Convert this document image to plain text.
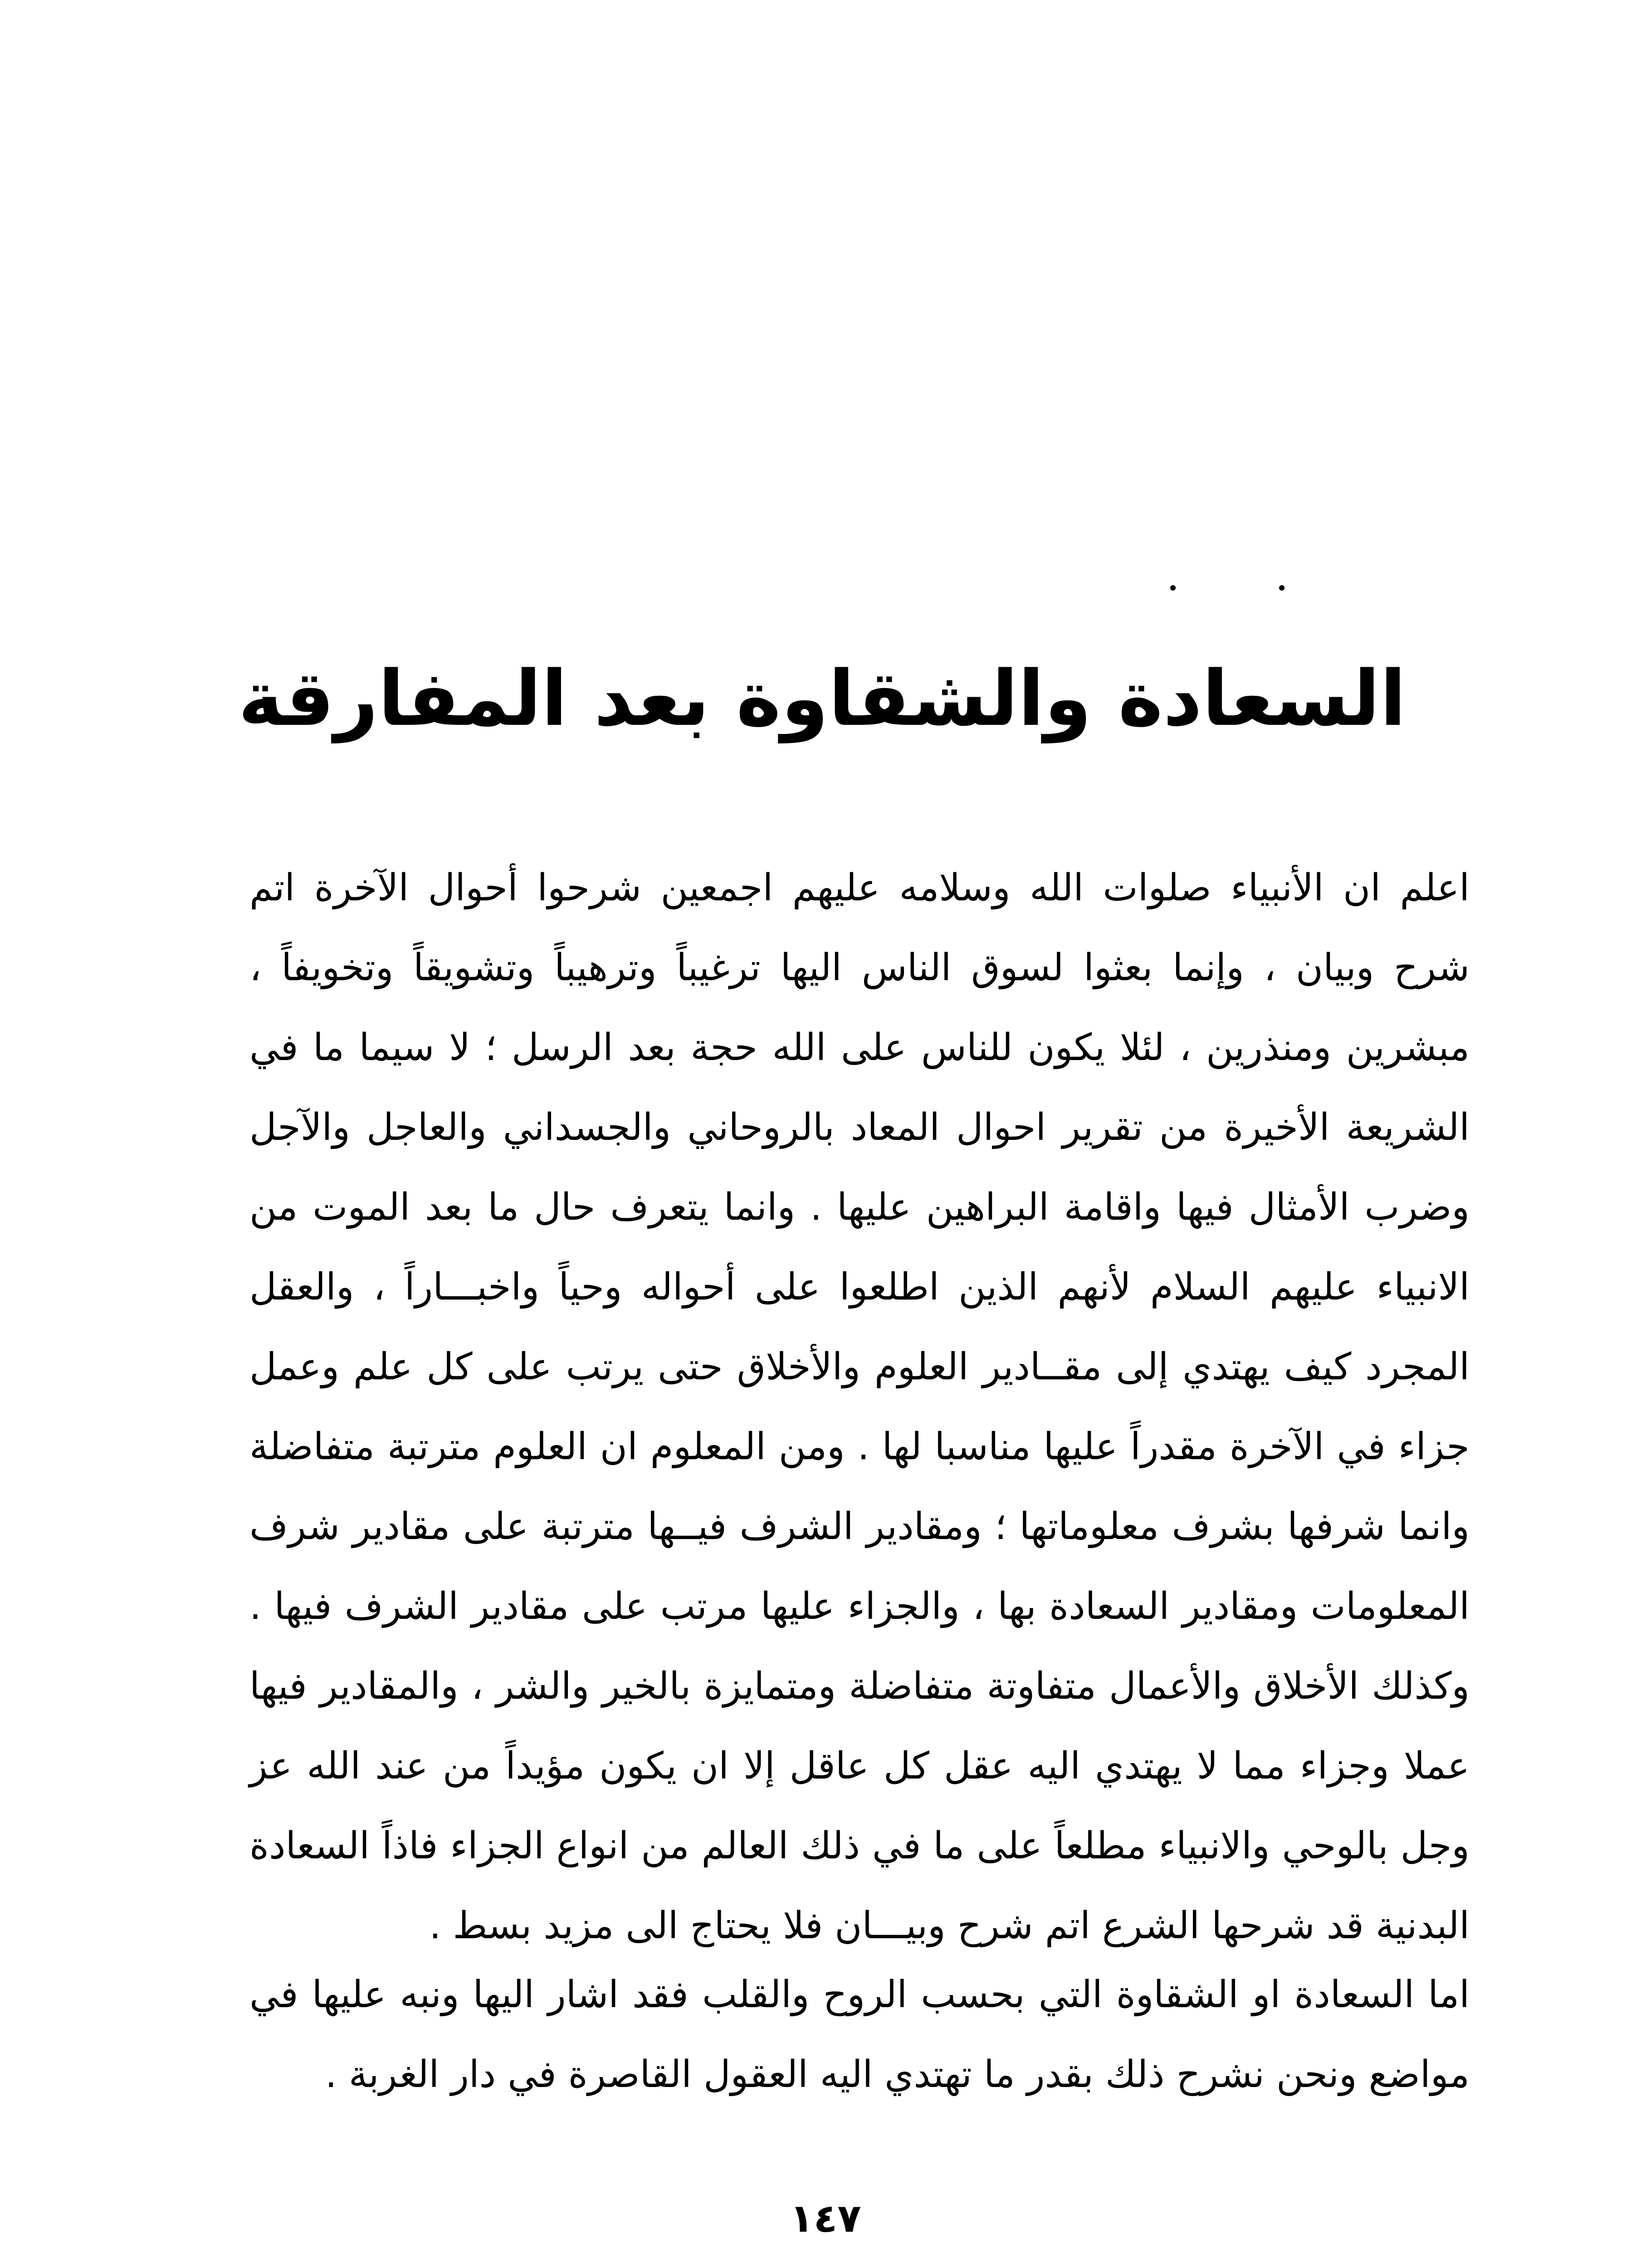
السعادة والشقاوة بعد المفارقة

اعلم ان الأنبياء صلوات الله وسلامه عليهم اجمعين شرحوا أحوال الآخرة اتم شرح وبيان ، وإنما بعثوا لسوق الناس اليها ترغيباً وترهيباً وتشويقاً وتخويفاً ، مبشرين ومنذرين ، لئلا يكون للناس على الله حجة بعد الرسل ؛ لا سيما ما في الشريعة الأخيرة من تقرير احوال المعاد بالروحاني والجسداني والعاجل والآجل وضرب الأمثال فيها واقامة البراهين عليها . وانما يتعرف حال ما بعد الموت من الانبياء عليهم السلام لأنهم الذين اطلعوا على أحواله وحياً واخبـــاراً ، والعقل المجرد كيف يهتدي إلى مقــادير العلوم والأخلاق حتى يرتب على كل علم وعمل جزاء في الآخرة مقدراً عليها مناسبا لها . ومن المعلوم ان العلوم مترتبة متفاضلة وانما شرفها بشرف معلوماتها ؛ ومقادير الشرف فيــها مترتبة على مقادير شرف المعلومات ومقادير السعادة بها ، والجزاء عليها مرتب على مقادير الشرف فيها . وكذلك الأخلاق والأعمال متفاوتة متفاضلة ومتمايزة بالخير والشر ، والمقادير فيها عملا وجزاء مما لا يهتدي اليه عقل كل عاقل إلا ان يكون مؤيداً من عند الله عز وجل بالوحي والانبياء مطلعاً على ما في ذلك العالم من انواع الجزاء فاذاً السعادة البدنية قد شرحها الشرع اتم شرح وبيـــان فلا يحتاج الى مزيد بسط .

اما السعادة او الشقاوة التي بحسب الروح والقلب فقد اشار اليها ونبه عليها في مواضع ونحن نشرح ذلك بقدر ما تهتدي اليه العقول القاصرة في دار الغربة .

١٤٧
